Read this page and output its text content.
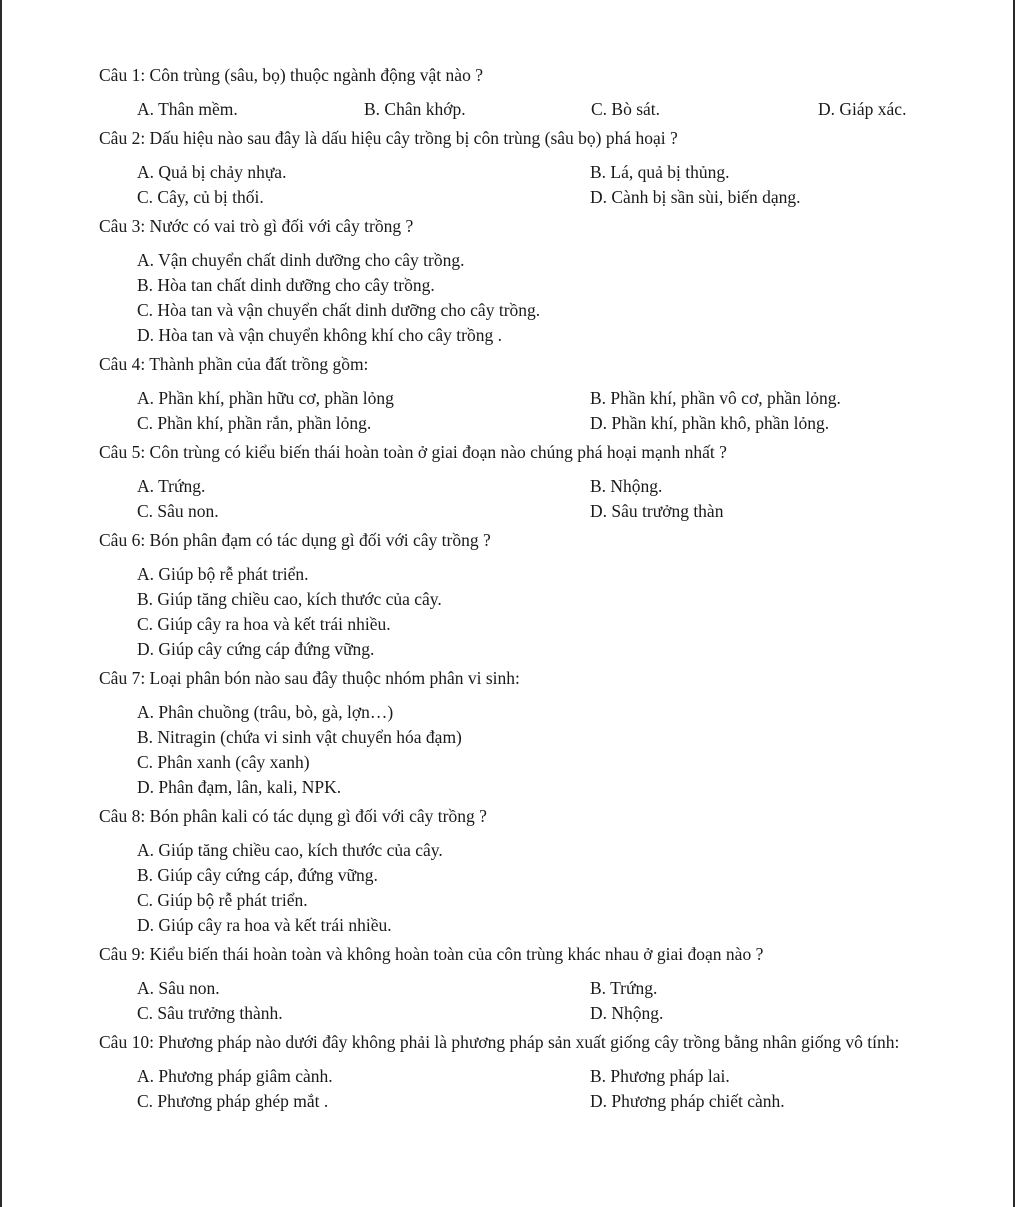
Câu 1: Côn trùng (sâu, bọ) thuộc ngành động vật nào ?
A. Thân mềm.	B. Chân khớp.	C. Bò sát.	D. Giáp xác.
Câu 2: Dấu hiệu nào sau đây là dấu hiệu cây trồng bị côn trùng (sâu bọ) phá hoại ?
A. Quả bị chảy nhựa.	B. Lá, quả bị thủng.
C. Cây, củ bị thối.	D. Cành bị sần sùi, biến dạng.
Câu 3: Nước có vai trò gì đối với cây trồng ?
A. Vận chuyển chất dinh dưỡng cho cây trồng.
B. Hòa tan chất dinh dưỡng cho cây trồng.
C. Hòa tan và vận chuyển chất dinh dưỡng cho cây trồng.
D. Hòa tan và vận chuyển không khí cho cây trồng .
Câu 4: Thành phần của đất trồng gồm:
A. Phần khí, phần hữu cơ, phần lỏng	B. Phần khí, phần vô cơ, phần lỏng.
C. Phần khí, phần rắn, phần lỏng.	D. Phần khí, phần khô, phần lỏng.
Câu 5: Côn trùng có kiểu biến thái hoàn toàn ở giai đoạn nào chúng phá hoại mạnh nhất ?
A. Trứng.	B. Nhộng.
C. Sâu non.	D. Sâu trưởng thàn
Câu 6: Bón phân đạm có tác dụng gì đối với cây trồng ?
A. Giúp bộ rễ phát triển.
B. Giúp tăng chiều cao, kích thước của cây.
C. Giúp cây ra hoa và kết trái nhiều.
D. Giúp cây cứng cáp đứng vững.
Câu 7: Loại phân bón nào sau đây thuộc nhóm phân vi sinh:
A. Phân chuồng (trâu, bò, gà, lợn…)
B. Nitragin (chứa vi sinh vật chuyển hóa đạm)
C. Phân xanh (cây xanh)
D. Phân đạm, lân, kali, NPK.
Câu 8: Bón phân kali có tác dụng gì đối với cây trồng ?
A. Giúp tăng chiều cao, kích thước của cây.
B. Giúp cây cứng cáp, đứng vững.
C. Giúp bộ rễ phát triển.
D. Giúp cây ra hoa và kết trái nhiều.
Câu 9: Kiểu biến thái hoàn toàn và không hoàn toàn của côn trùng khác nhau ở giai đoạn nào ?
A. Sâu non.	B. Trứng.
C. Sâu trưởng thành.	D. Nhộng.
Câu 10: Phương pháp nào dưới đây không phải là phương pháp sản xuất giống cây trồng bằng nhân giống vô tính:
A. Phương pháp giâm cành.	B. Phương pháp lai.
C. Phương pháp ghép mắt .	D. Phương pháp chiết cành.
